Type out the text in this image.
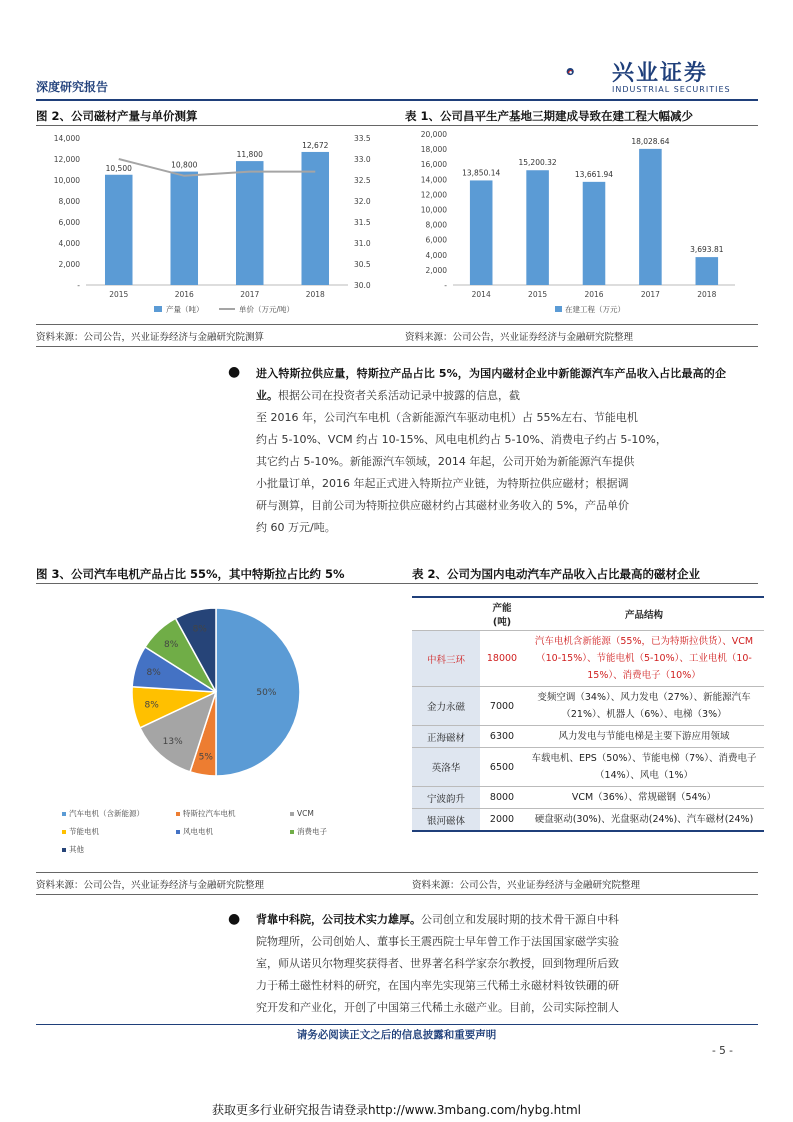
深度研究报告
兴业证券
INDUSTRIAL SECURITIES
图 2、公司磁材产量与单价测算	表 1、公司昌平生产基地三期建成导致在建工程大幅减少
-
2,000
4,000
6,000
8,000
10,000
12,000
14,000
30.0
30.5
31.0
31.5
32.0
32.5
33.0
33.5
10,500
2015
10,800
2016
11,800
2017
12,672
2018
产量（吨）	单价（万元/吨）
-
2,000
4,000
6,000
8,000
10,000
12,000
14,000
16,000
18,000
20,000
13,850.14
2014
15,200.32
2015
13,661.94
2016
18,028.64
2017
3,693.81
2018
在建工程（万元）
资料来源：公司公告，兴业证券经济与金融研究院测算	资料来源：公司公告，兴业证券经济与金融研究院整理
● 进入特斯拉供应量，特斯拉产品占比 5%，为国内磁材企业中新能源汽车产品收入占比最高的企业。根据公司在投资者关系活动记录中披露的信息，截
至 2016 年，公司汽车电机（含新能源汽车驱动电机）占 55%左右、节能电机
约占 5-10%、VCM 约占 10-15%、风电电机约占 5-10%、消费电子约占 5-10%，
其它约占 5-10%。新能源汽车领域，2014 年起，公司开始为新能源汽车提供
小批量订单，2016 年起正式进入特斯拉产业链，为特斯拉供应磁材；根据调
研与测算，目前公司为特斯拉供应磁材约占其磁材业务收入的 5%，产品单价
约 60 万元/吨。
图 3、公司汽车电机产品占比 55%，其中特斯拉占比约 5%	表 2、公司为国内电动汽车产品收入占比最高的磁材企业
50%
5%
13%
8%
8%
8%
8%
汽车电机（含新能源）	特斯拉汽车电机	VCM
节能电机	风电电机	消费电子
其他
	产能
(吨)	产品结构
中科三环	18000	汽车电机含新能源（55%，已为特斯拉供货）、VCM（10-15%）、节能电机（5-10%）、工业电机（10-15%）、消费电子（10%）
金力永磁	7000	变频空调（34%）、风力发电（27%）、新能源汽车（21%）、机器人（6%）、电梯（3%）
正海磁材	6300	风力发电与节能电梯是主要下游应用领域
英洛华	6500	车载电机、EPS（50%）、节能电梯（7%）、消费电子（14%）、风电（1%）
宁波韵升	8000	VCM（36%）、常规磁钢（54%）
银河磁体	2000	硬盘驱动(30%)、光盘驱动(24%)、汽车磁材(24%)
资料来源：公司公告，兴业证券经济与金融研究院整理	资料来源：公司公告，兴业证券经济与金融研究院整理
● 背靠中科院，公司技术实力雄厚。公司创立和发展时期的技术骨干源自中科
院物理所，公司创始人、董事长王震西院士早年曾工作于法国国家磁学实验
室，师从诺贝尔物理奖获得者、世界著名科学家奈尔教授，回到物理所后致
力于稀土磁性材料的研究，在国内率先实现第三代稀土永磁材料钕铁硼的研
究开发和产业化，开创了中国第三代稀土永磁产业。目前，公司实际控制人
请务必阅读正文之后的信息披露和重要声明
- 5 -
获取更多行业研究报告请登录http://www.3mbang.com/hybg.html
